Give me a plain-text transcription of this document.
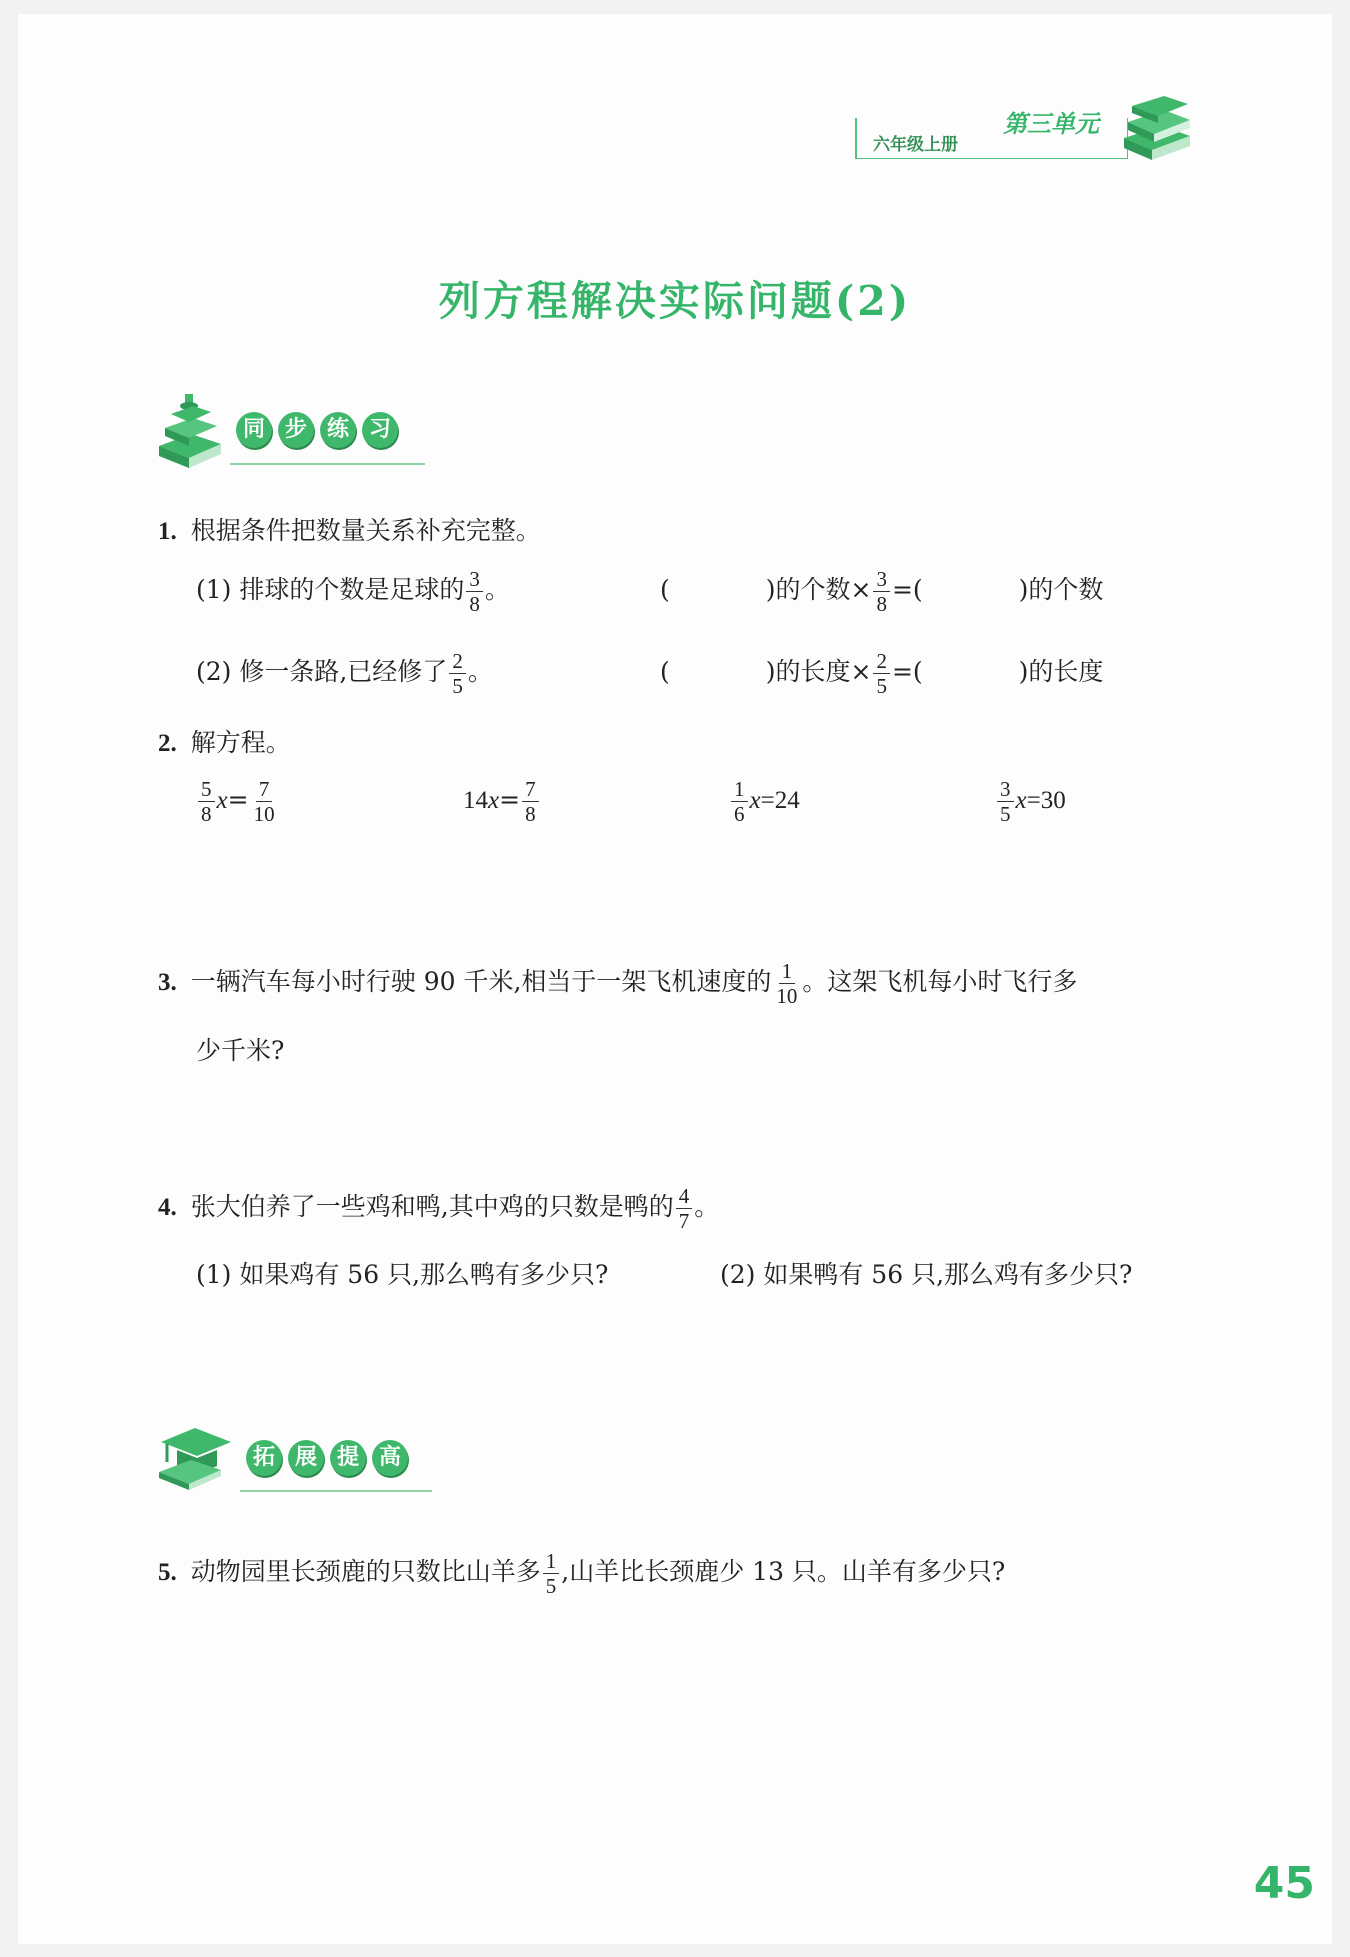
六年级上册
第三单元
列方程解决实际问题(2)
同 步 练 习
1. 根据条件把数量关系补充完整。
(1) 排球的个数是足球的 $\frac{3}{8}$ 。	(	)的个数× $\frac{3}{8}$ =(	)的个数
(2) 修一条路,已经修了 $\frac{2}{5}$ 。	(	)的长度× $\frac{2}{5}$ =(	)的长度
2. 解方程。
$\frac{5}{8} x= \frac{7}{10}$	$14x= \frac{7}{8}$	$\frac{1}{6} x=24$	$\frac{3}{5} x=30$
3. 一辆汽车每小时行驶 90 千米,相当于一架飞机速度的 $\frac{1}{10}$ 。这架飞机每小时飞行多
少千米?
4. 张大伯养了一些鸡和鸭,其中鸡的只数是鸭的 $\frac{4}{7}$ 。
(1) 如果鸡有 56 只,那么鸭有多少只?	(2) 如果鸭有 56 只,那么鸡有多少只?
拓 展 提 高
5. 动物园里长颈鹿的只数比山羊多 $\frac{1}{5}$ ,山羊比长颈鹿少 13 只。山羊有多少只?
45
